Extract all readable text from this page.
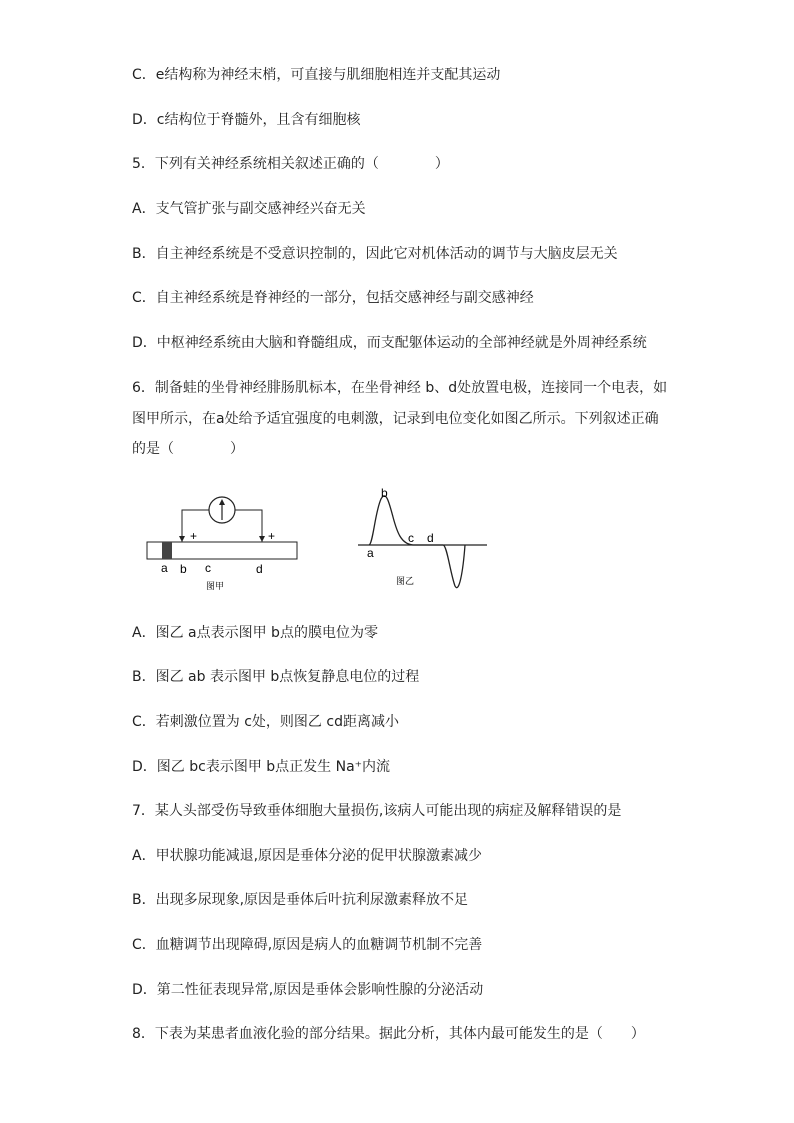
C．e结构称为神经末梢，可直接与肌细胞相连并支配其运动
D．c结构位于脊髓外，且含有细胞核
5．下列有关神经系统相关叙述正确的（　　　　）
A．支气管扩张与副交感神经兴奋无关
B．自主神经系统是不受意识控制的，因此它对机体活动的调节与大脑皮层无关
C．自主神经系统是脊神经的一部分，包括交感神经与副交感神经
D．中枢神经系统由大脑和脊髓组成，而支配躯体运动的全部神经就是外周神经系统
6．制备蛙的坐骨神经腓肠肌标本，在坐骨神经 b、d处放置电极，连接同一个电表，如
图甲所示，在a处给予适宜强度的电刺激，记录到电位变化如图乙所示。下列叙述正确
的是（　　　　）
+	+
a b c	d
图甲
a
b
c d
图乙
A．图乙 a点表示图甲 b点的膜电位为零
B．图乙 ab 表示图甲 b点恢复静息电位的过程
C．若刺激位置为 c处，则图乙 cd距离减小
D．图乙 bc表示图甲 b点正发生 Na⁺内流
7．某人头部受伤导致垂体细胞大量损伤,该病人可能出现的病症及解释错误的是
A．甲状腺功能减退,原因是垂体分泌的促甲状腺激素减少
B．出现多尿现象,原因是垂体后叶抗利尿激素释放不足
C．血糖调节出现障碍,原因是病人的血糖调节机制不完善
D．第二性征表现异常,原因是垂体会影响性腺的分泌活动
8．下表为某患者血液化验的部分结果。据此分析，其体内最可能发生的是（　　）
